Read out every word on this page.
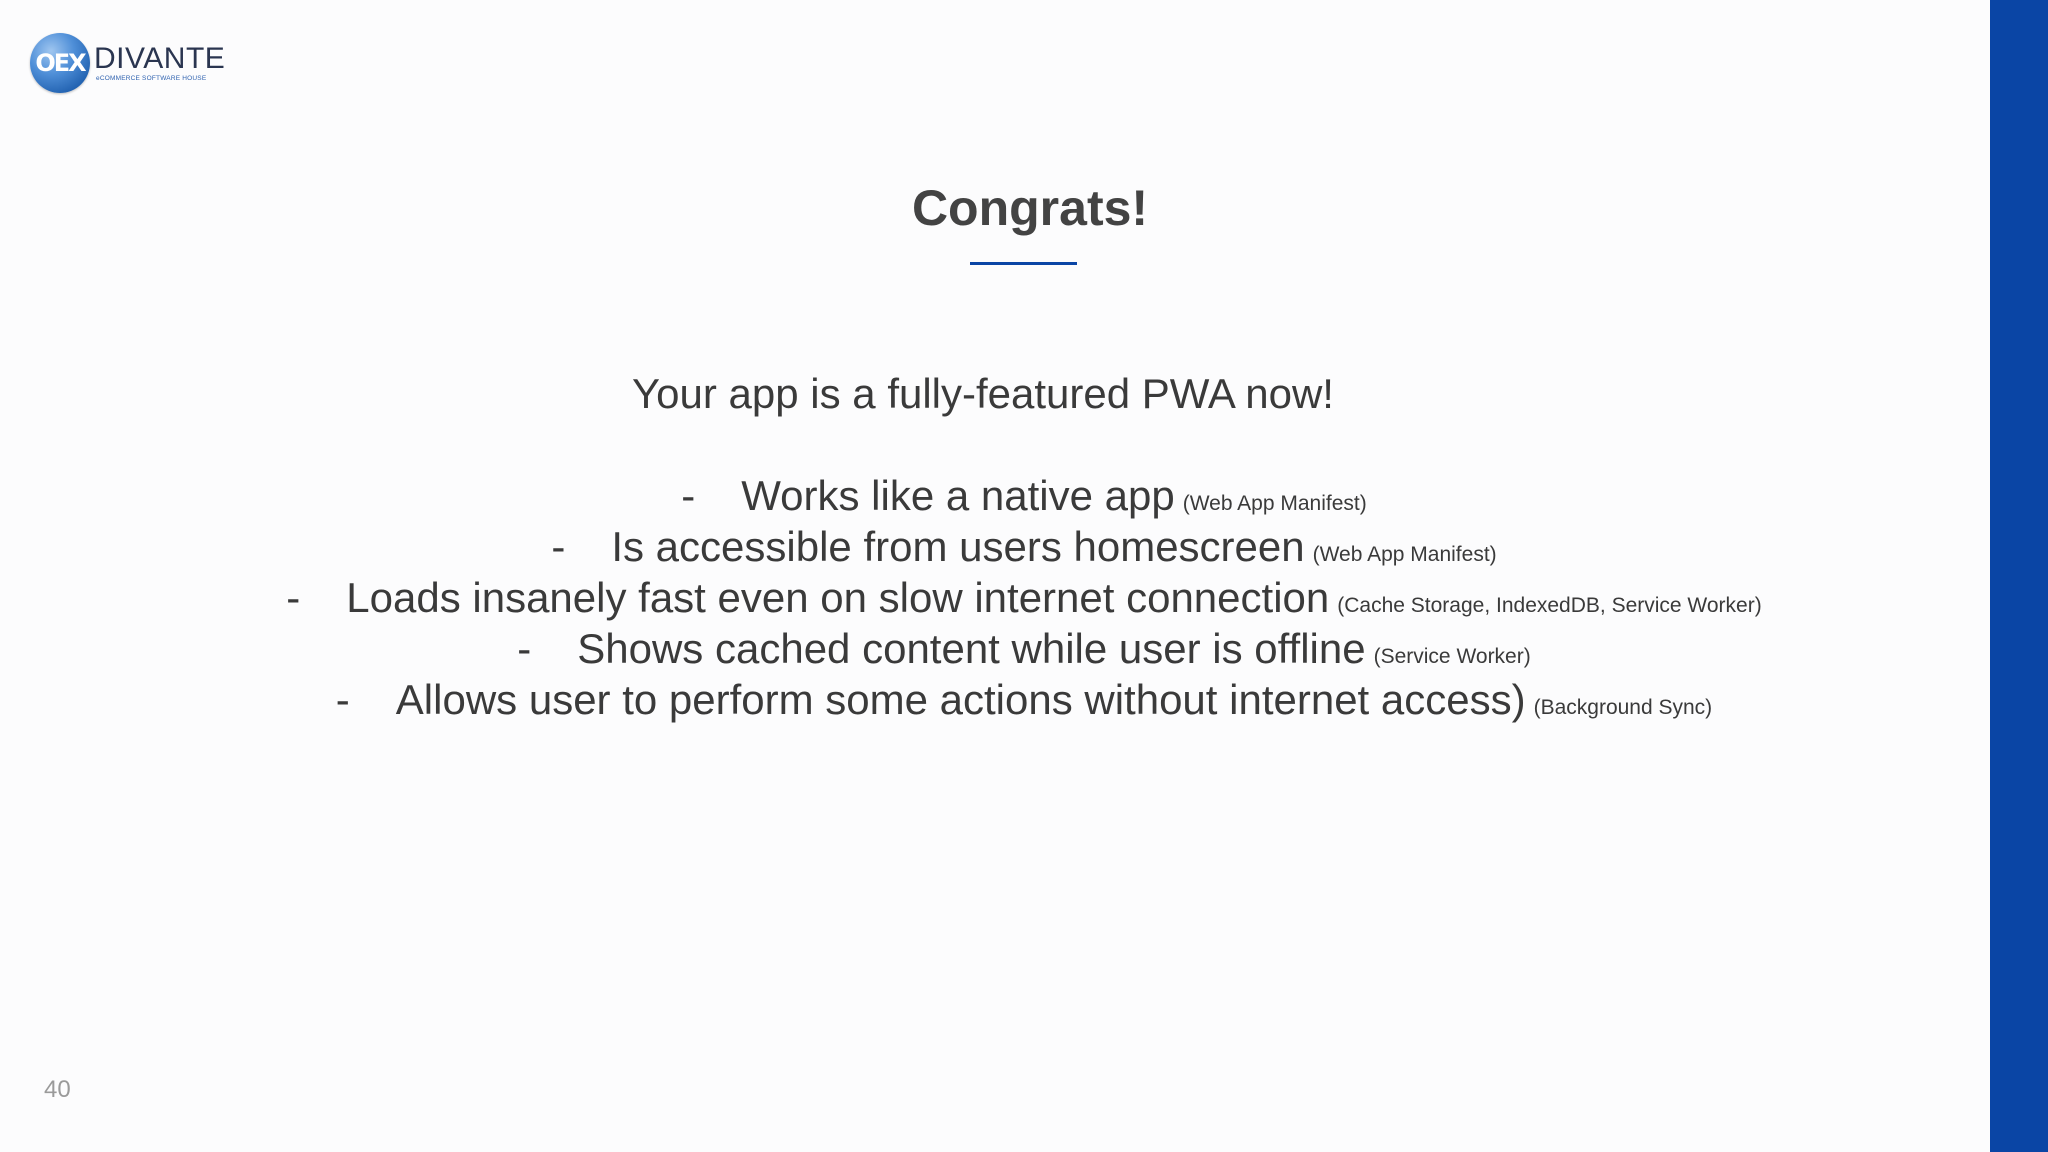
OEX DIVANTE
eCOMMERCE SOFTWARE HOUSE
Congrats!
Your app is a fully-featured PWA now!
- Works like a native app (Web App Manifest)
- Is accessible from users homescreen (Web App Manifest)
- Loads insanely fast even on slow internet connection (Cache Storage, IndexedDB, Service Worker)
- Shows cached content while user is offline (Service Worker)
- Allows user to perform some actions without internet access) (Background Sync)
40
